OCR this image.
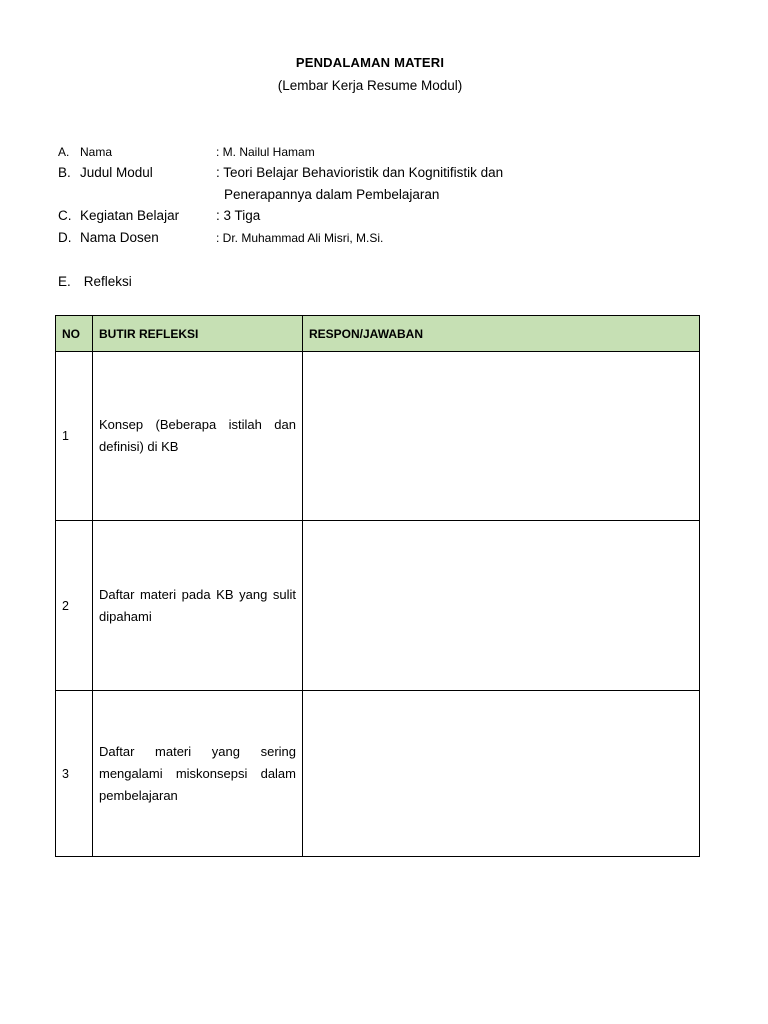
PENDALAMAN MATERI
(Lembar Kerja Resume Modul)
A. Nama	: M. Nailul Hamam
B. Judul Modul	: Teori Belajar Behavioristik dan Kognitifistik dan
Penerapannya dalam Pembelajaran
C. Kegiatan Belajar	: 3 Tiga
D. Nama Dosen	: Dr. Muhammad Ali Misri, M.Si.
E. Refleksi
NO	BUTIR REFLEKSI	RESPON/JAWABAN
1	Konsep (Beberapa istilah dan definisi) di KB	

2	Daftar materi pada KB yang sulit dipahami	

3	Daftar materi yang sering mengalami miskonsepsi dalam pembelajaran	
